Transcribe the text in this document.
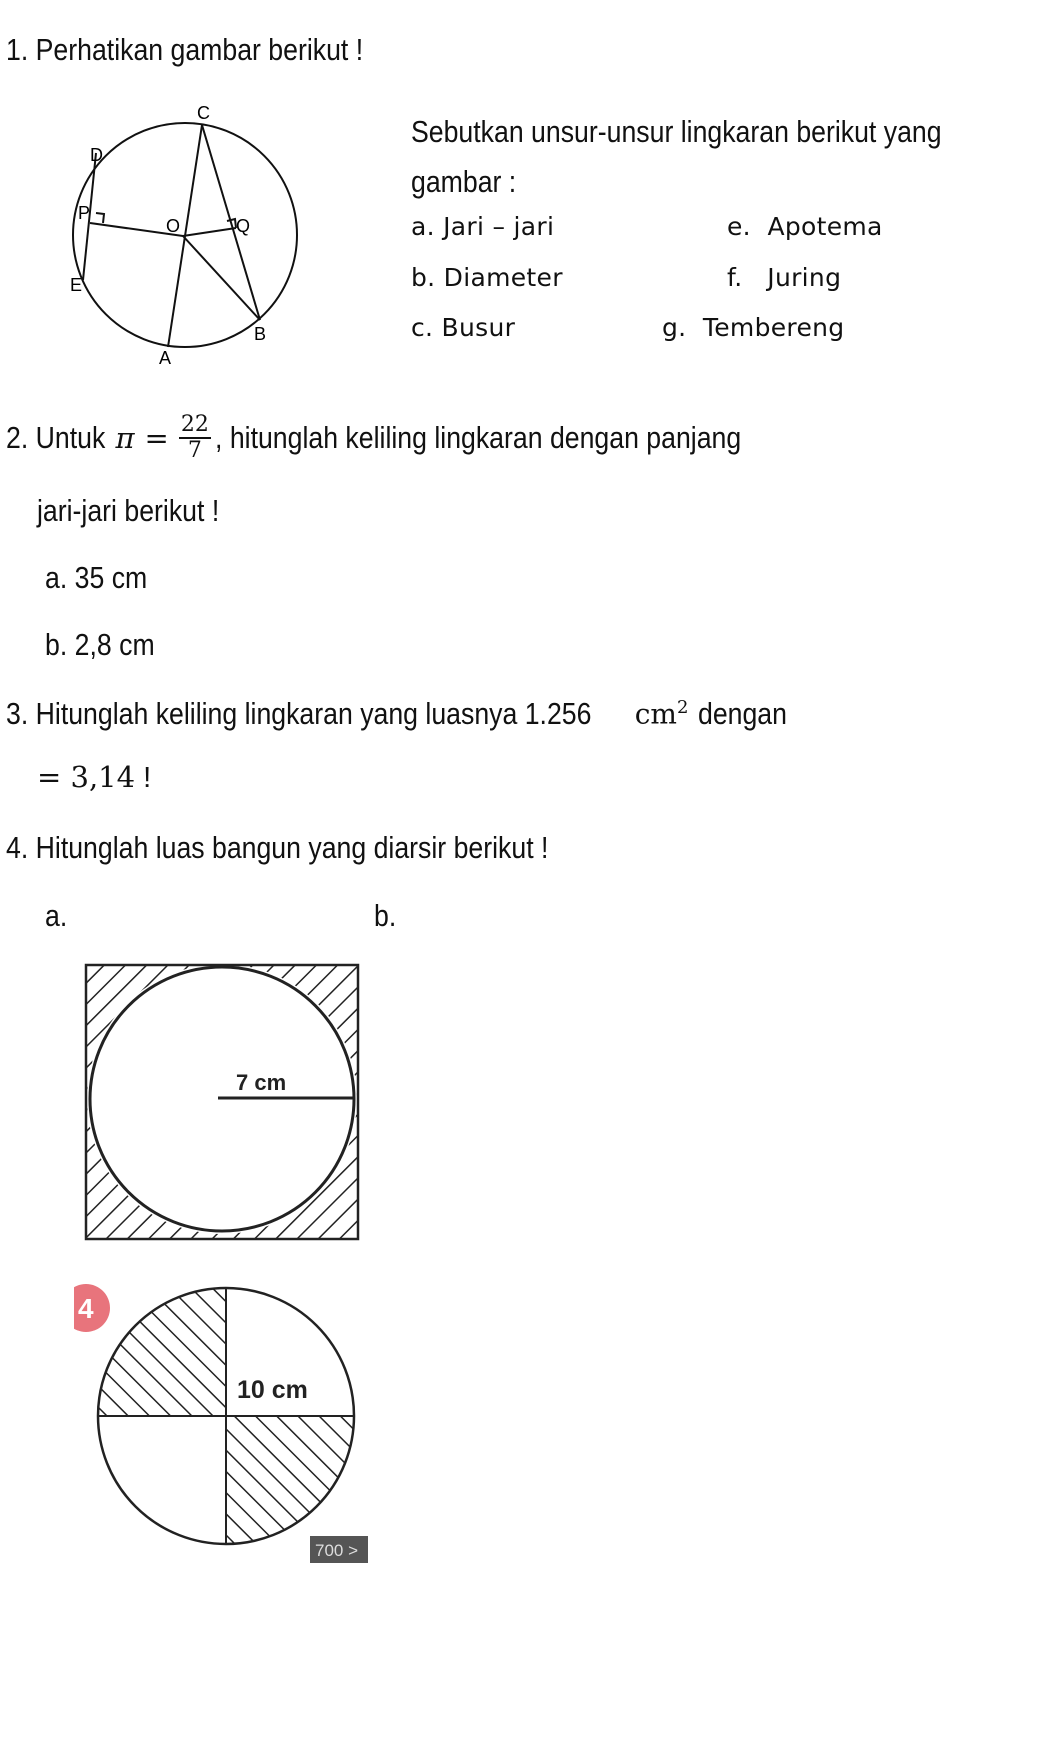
1. Perhatikan gambar berikut !
C
D
P
O	Q
E
B
A
Sebutkan unsur-unsur lingkaran berikut yang
gambar :
a. Jari – jari
b. Diameter
c. Busur
e. Apotema
f. Juring
g. Tembereng
2. Untuk $\pi = \frac{22}{7}$ , hitunglah keliling lingkaran dengan panjang
jari-jari berikut !
a. 35 cm
b. 2,8 cm
3. Hitunglah keliling lingkaran yang luasnya 1.256 $cm^2$ dengan
= 3,14 !
4. Hitunglah luas bangun yang diarsir berikut !
a.	b.
7 cm
10 cm
4
700 >
